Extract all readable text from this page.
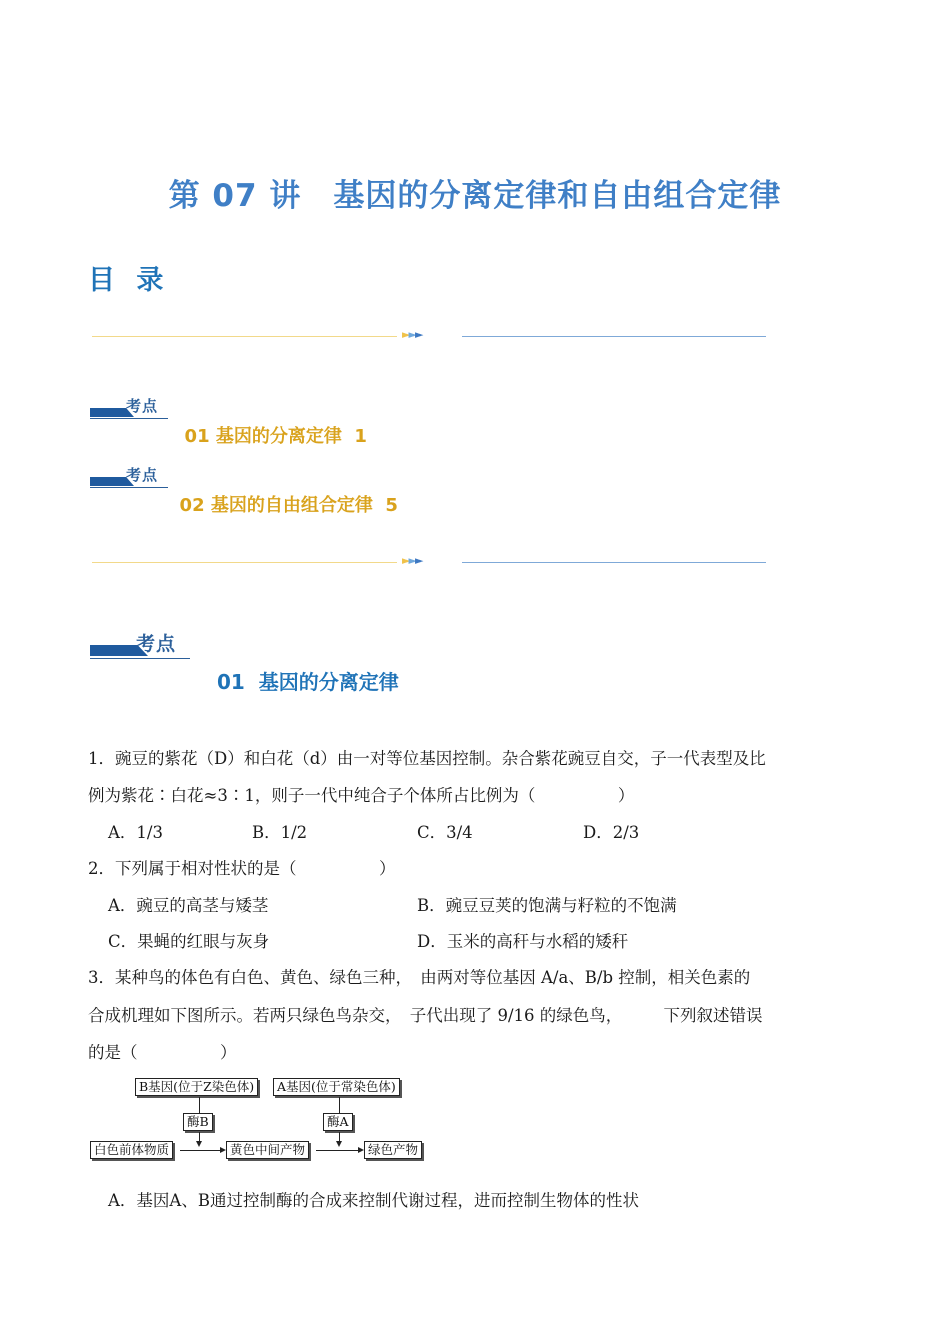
第 07 讲　基因的分离定律和自由组合定律
目 录
►►►
考点

01 基因的分离定律 1

考点

02 基因的自由组合定律 5

►►►
考点

01 基因的分离定律

1．豌豆的紫花（D）和白花（d）由一对等位基因控制。杂合紫花豌豆自交，子一代表型及比
例为紫花∶白花≈3∶1，则子一代中纯合子个体所占比例为（　　　　　）
A．1/3	B．1/2	C．3/4	D．2/3
2．下列属于相对性状的是（　　　　　）
A．豌豆的高茎与矮茎	B．豌豆豆荚的饱满与籽粒的不饱满
C．果蝇的红眼与灰身	D．玉米的高秆与水稻的矮秆
3．某种鸟的体色有白色、黄色、绿色三种，　由两对等位基因 A/a、B/b 控制，相关色素的
合成机理如下图所示。若两只绿色鸟杂交，　子代出现了 9/16 的绿色鸟，　　　下列叙述错误
的是（　　　　　）
B基因(位于Z染色体)	A基因(位于常染色体)
酶B	酶A
白色前体物质	黄色中间产物	绿色产物
A．基因A、B通过控制酶的合成来控制代谢过程，进而控制生物体的性状
